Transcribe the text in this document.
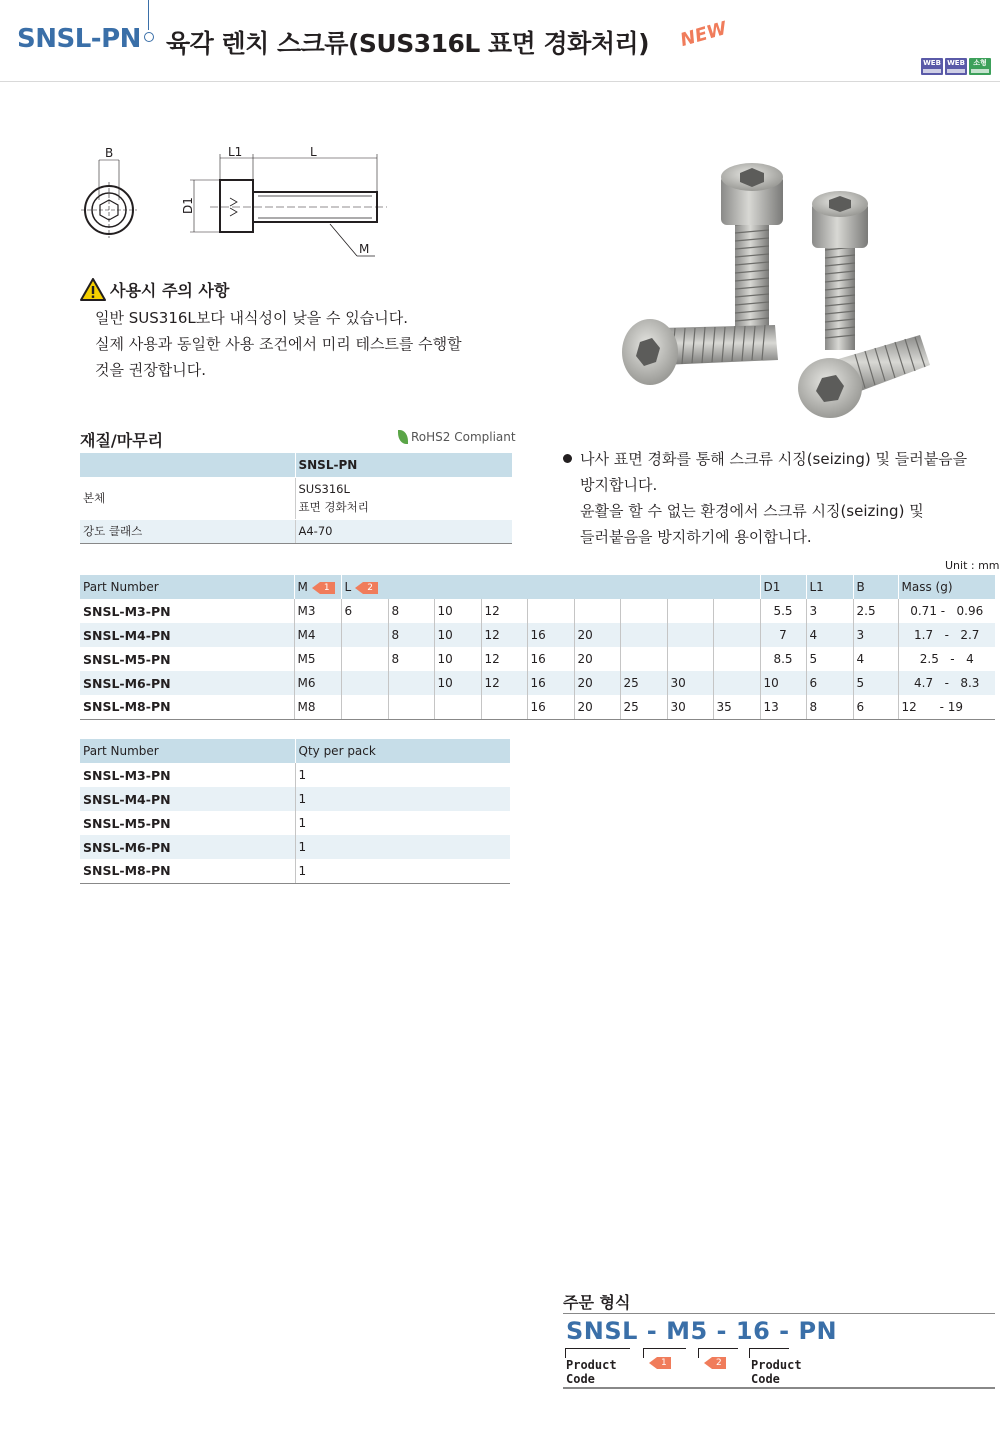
SNSL-PN 육각 렌치 스크류(SUS316L 표면 경화처리) NEW
WEB WEB	소형
B	L1	L
D1
M
사용시 주의 사항
일반 SUS316L보다 내식성이 낮을 수 있습니다.
실제 사용과 동일한 사용 조건에서 미리 테스트를 수행할
것을 권장합니다.
재질/마무리	RoHS2 Compliant
	SNSL-PN
본체	SUS316L
표면 경화처리

강도 클래스	A4-70
나사 표면 경화를 통해 스크류 시징(seizing) 및 들러붙음을
방지합니다.
윤활을 할 수 없는 환경에서 스크류 시징(seizing) 및
들러붙음을 방지하기에 용이합니다.
Unit : mm
Part Number	M 1	L 2									D1	L1	B	Mass (g)
SNSL-M3-PN	M3	6	8	10	12						5.5	3	2.5	0.71 -   0.96
SNSL-M4-PN	M4		8	10	12	16	20				7	4	3	1.7   -   2.7
SNSL-M5-PN	M5		8	10	12	16	20				8.5	5	4	2.5   -   4
SNSL-M6-PN	M6			10	12	16	20	25	30		10	6	5	4.7   -   8.3
SNSL-M8-PN	M8					16	20	25	30	35	13	8	6	12      - 19
Part Number	Qty per pack
SNSL-M3-PN	1
SNSL-M4-PN	1
SNSL-M5-PN	1
SNSL-M6-PN	1
SNSL-M8-PN	1
주문 형식
SNSL - M5 - 16 - PN
Product
Code
1	2	Product
Code
